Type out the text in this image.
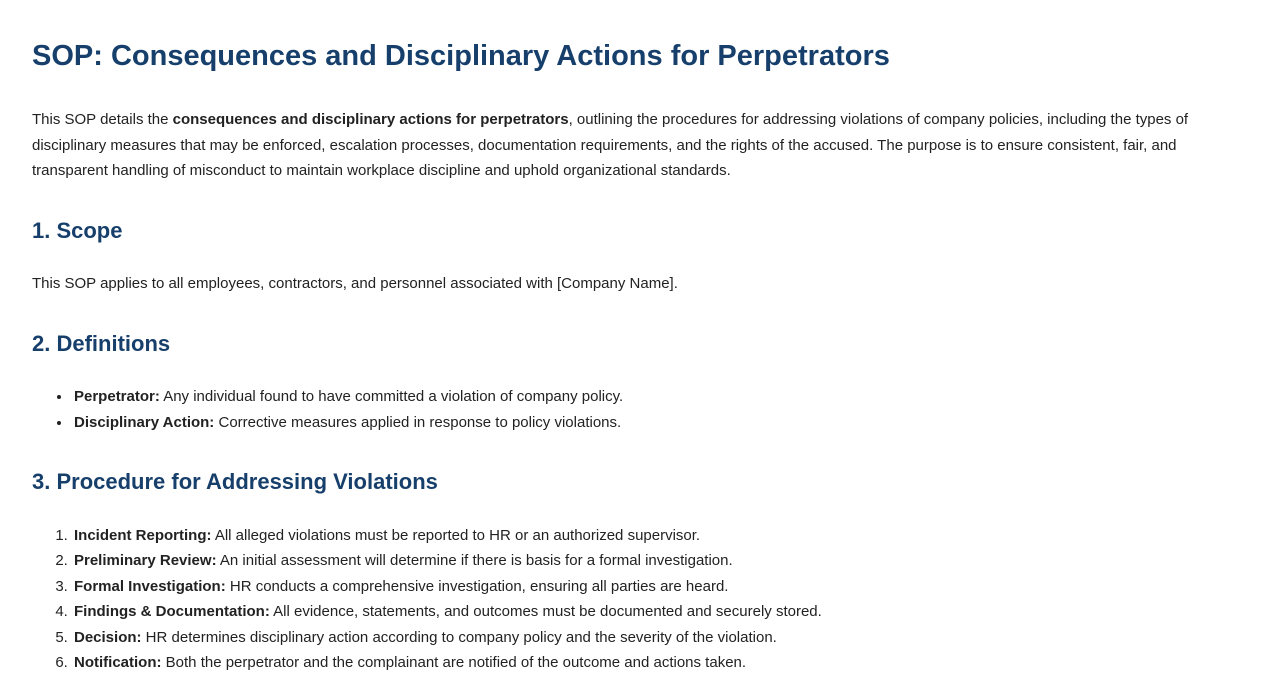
SOP: Consequences and Disciplinary Actions for Perpetrators

This SOP details the consequences and disciplinary actions for perpetrators, outlining the procedures for addressing violations of company policies, including the types of disciplinary measures that may be enforced, escalation processes, documentation requirements, and the rights of the accused. The purpose is to ensure consistent, fair, and transparent handling of misconduct to maintain workplace discipline and uphold organizational standards.

1. Scope

This SOP applies to all employees, contractors, and personnel associated with [Company Name].

2. Definitions
• Perpetrator: Any individual found to have committed a violation of company policy.
• Disciplinary Action: Corrective measures applied in response to policy violations.
3. Procedure for Addressing Violations
1. Incident Reporting: All alleged violations must be reported to HR or an authorized supervisor.
2. Preliminary Review: An initial assessment will determine if there is basis for a formal investigation.
3. Formal Investigation: HR conducts a comprehensive investigation, ensuring all parties are heard.
4. Findings & Documentation: All evidence, statements, and outcomes must be documented and securely stored.
5. Decision: HR determines disciplinary action according to company policy and the severity of the violation.
6. Notification: Both the perpetrator and the complainant are notified of the outcome and actions taken.
